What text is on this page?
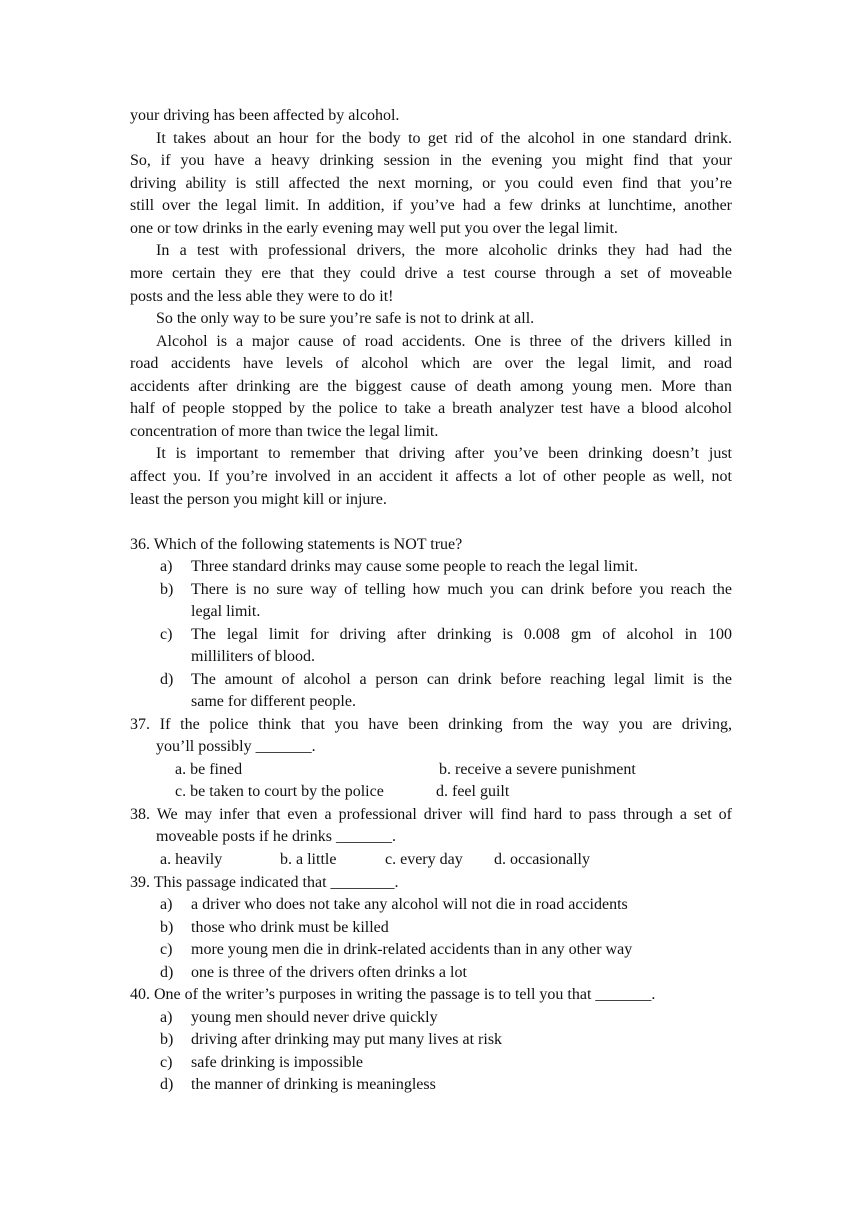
your driving has been affected by alcohol.
It takes about an hour for the body to get rid of the alcohol in one standard drink.
So, if you have a heavy drinking session in the evening you might find that your
driving ability is still affected the next morning, or you could even find that you’re
still over the legal limit. In addition, if you’ve had a few drinks at lunchtime, another
one or tow drinks in the early evening may well put you over the legal limit.
In a test with professional drivers, the more alcoholic drinks they had had the
more certain they ere that they could drive a test course through a set of moveable
posts and the less able they were to do it!
So the only way to be sure you’re safe is not to drink at all.
Alcohol is a major cause of road accidents. One is three of the drivers killed in
road accidents have levels of alcohol which are over the legal limit, and road
accidents after drinking are the biggest cause of death among young men. More than
half of people stopped by the police to take a breath analyzer test have a blood alcohol
concentration of more than twice the legal limit.
It is important to remember that driving after you’ve been drinking doesn’t just
affect you. If you’re involved in an accident it affects a lot of other people as well, not
least the person you might kill or injure.
36. Which of the following statements is NOT true?
a) Three standard drinks may cause some people to reach the legal limit.
b) There is no sure way of telling how much you can drink before you reach the
legal limit.
c) The legal limit for driving after drinking is 0.008 gm of alcohol in 100
milliliters of blood.
d) The amount of alcohol a person can drink before reaching legal limit is the
same for different people.
37. If the police think that you have been drinking from the way you are driving,
you’ll possibly _______.
a. be fined	b. receive a severe punishment
c. be taken to court by the police	d. feel guilt
38. We may infer that even a professional driver will find hard to pass through a set of
moveable posts if he drinks _______.
a. heavily	b. a little	c. every day d. occasionally
39. This passage indicated that ________.
a) a driver who does not take any alcohol will not die in road accidents
b) those who drink must be killed
c) more young men die in drink-related accidents than in any other way
d) one is three of the drivers often drinks a lot
40. One of the writer’s purposes in writing the passage is to tell you that _______.
a) young men should never drive quickly
b) driving after drinking may put many lives at risk
c) safe drinking is impossible
d) the manner of drinking is meaningless
